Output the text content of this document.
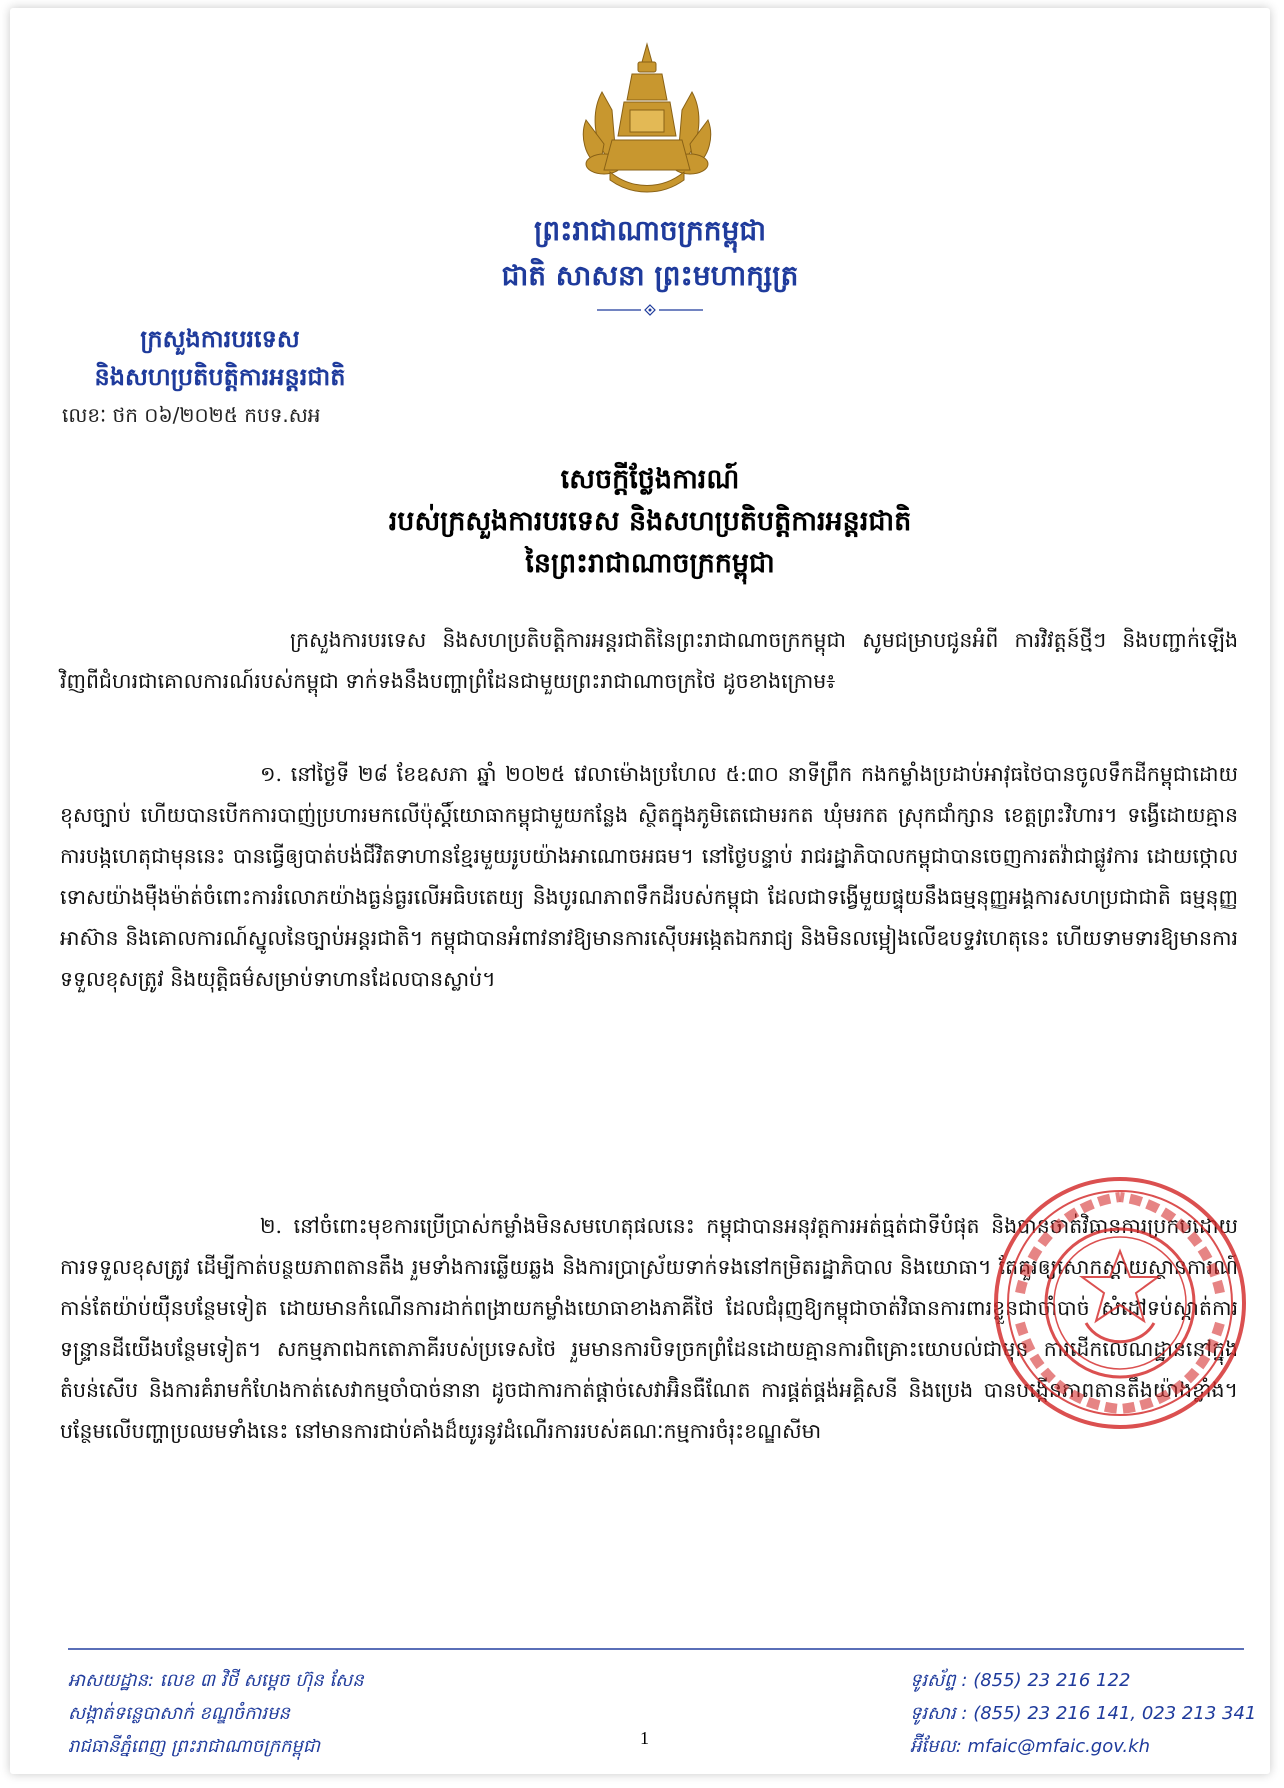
ព្រះរាជាណាចក្រកម្ពុជា
ជាតិ សាសនា ព្រះមហាក្សត្រ
ក្រសួងការបរទេស
និងសហប្រតិបត្តិការអន្តរជាតិ
លេខៈ ថក ០៦/២០២៥ កបទ.សអ
សេចក្តីថ្លែងការណ៍
របស់ក្រសួងការបរទេស និងសហប្រតិបត្តិការអន្តរជាតិ
នៃព្រះរាជាណាចក្រកម្ពុជា
ក្រសួងការបរទេស និងសហប្រតិបត្តិការអន្តរជាតិនៃព្រះរាជាណាចក្រកម្ពុជា សូមជម្រាបជូនអំពី ការវិវត្តន៍ថ្មីៗ និងបញ្ជាក់ឡើងវិញពីជំហរជាគោលការណ៍របស់កម្ពុជា ទាក់ទងនឹងបញ្ហាព្រំដែនជាមួយព្រះរាជាណាចក្រថៃ ដូចខាងក្រោម៖
១. នៅថ្ងៃទី ២៨ ខែឧសភា ឆ្នាំ ២០២៥ វេលាម៉ោងប្រហែល ៥:៣០ នាទីព្រឹក កងកម្លាំងប្រដាប់អាវុធថៃបានចូលទឹកដីកម្ពុជាដោយខុសច្បាប់ ហើយបានបើកការបាញ់ប្រហារមកលើប៉ុស្តិ៍យោធាកម្ពុជាមួយកន្លែង ស្ថិតក្នុងភូមិតេជោមរកត ឃុំមរកត ស្រុកជាំក្សាន ខេត្តព្រះវិហារ។ ទង្វើដោយគ្មានការបង្កហេតុជាមុននេះ បានធ្វើឲ្យបាត់បង់ជីវិតទាហានខ្មែរមួយរូបយ៉ាងអាណោចអធម។ នៅថ្ងៃបន្ទាប់ រាជរដ្ឋាភិបាលកម្ពុជាបានចេញការតវ៉ាជាផ្លូវការ ដោយថ្កោលទោសយ៉ាងម៉ឺងម៉ាត់ចំពោះការរំលោភយ៉ាងធ្ងន់ធ្ងរលើអធិបតេយ្យ និងបូរណភាពទឹកដីរបស់កម្ពុជា ដែលជាទង្វើមួយផ្ទុយនឹងធម្មនុញ្ញអង្គការសហប្រជាជាតិ ធម្មនុញ្ញអាស៊ាន និងគោលការណ៍ស្នូលនៃច្បាប់អន្តរជាតិ។ កម្ពុជាបានអំពាវនាវឱ្យមានការស៊ើបអង្កេតឯករាជ្យ និងមិនលម្អៀងលើឧបទ្ទវហេតុនេះ ហើយទាមទារឱ្យមានការទទួលខុសត្រូវ និងយុត្តិធម៌សម្រាប់ទាហានដែលបានស្លាប់។
២. នៅចំពោះមុខការប្រើប្រាស់កម្លាំងមិនសមហេតុផលនេះ កម្ពុជាបានអនុវត្តការអត់ធ្មត់ជាទីបំផុត និងបានចាត់វិធានការប្រកបដោយការទទួលខុសត្រូវ ដើម្បីកាត់បន្ថយភាពតានតឹង រួមទាំងការឆ្លើយឆ្លង និងការប្រាស្រ័យទាក់ទងនៅកម្រិតរដ្ឋាភិបាល និងយោធា។ តែគួរឲ្យសោកស្តាយស្ថានការណ៍កាន់តែយ៉ាប់យ៉ឺនបន្ថែមទៀត ដោយមានកំណើនការដាក់ពង្រាយកម្លាំងយោធាខាងភាគីថៃ ដែលជំរុញឱ្យកម្ពុជាចាត់វិធានការពារខ្លួនជាចាំបាច់ សំដៅទប់ស្កាត់ការទន្ទ្រានដីយើងបន្ថែមទៀត។ សកម្មភាពឯកតោភាគីរបស់ប្រទេសថៃ រួមមានការបិទច្រកព្រំដែនដោយគ្មានការពិគ្រោះយោបល់ជាមុន ការដើកលេណដ្ឋាននៅក្នុងតំបន់សើប និងការគំរាមកំហែងកាត់សេវាកម្មចាំបាច់នានា ដូចជាការកាត់ផ្តាច់សេវាអ៊ិនធឺណែត ការផ្គត់ផ្គង់អគ្គិសនី និងប្រេង បានបង្កើនភាពតានតឹងយ៉ាងខ្លាំង។ បន្ថែមលើបញ្ហាប្រឈមទាំងនេះ នៅមានការជាប់គាំងដ៏យូរនូវដំណើរការរបស់គណៈកម្មការចំរុះខណ្ឌសីមា
អាសយដ្ឋាន: លេខ ៣ វិថី សម្តេច ហ៊ុន សែន
សង្កាត់ទន្លេបាសាក់ ខណ្ឌចំការមន
រាជធានីភ្នំពេញ ព្រះរាជាណាចក្រកម្ពុជា
ទូរស័ព្ទ : (855) 23 216 122
ទូរសារ : (855) 23 216 141, 023 213 341
អ៊ីមែល: mfaic@mfaic.gov.kh
1
